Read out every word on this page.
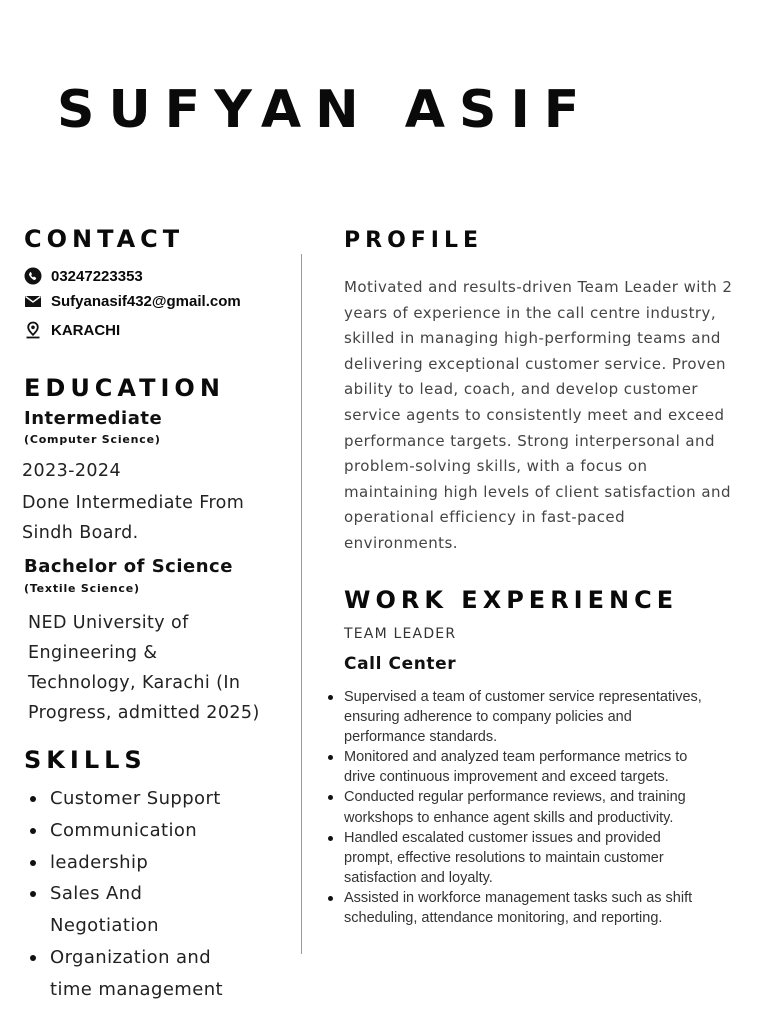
SUFYAN ASIF
CONTACT
03247223353
Sufyanasif432@gmail.com
KARACHI
EDUCATION

Intermediate

(Computer Science)

2023-2024

Done Intermediate From Sindh Board.

Bachelor of Science

(Textile Science)

NED University of Engineering & Technology, Karachi (In Progress, admitted 2025)

SKILLS
Customer Support
Communication
leadership
Sales And Negotiation
Organization and time management
PROFILE

Motivated and results-driven Team Leader with 2 years of experience in the call centre industry, skilled in managing high-performing teams and delivering exceptional customer service. Proven ability to lead, coach, and develop customer service agents to consistently meet and exceed performance targets. Strong interpersonal and problem-solving skills, with a focus on maintaining high levels of client satisfaction and operational efficiency in fast-paced environments.

WORK EXPERIENCE

TEAM LEADER

Call Center

Supervised a team of customer service representatives, ensuring adherence to company policies and performance standards.
Monitored and analyzed team performance metrics to drive continuous improvement and exceed targets.
Conducted regular performance reviews, and training workshops to enhance agent skills and productivity.
Handled escalated customer issues and provided prompt, effective resolutions to maintain customer satisfaction and loyalty.
Assisted in workforce management tasks such as shift scheduling, attendance monitoring, and reporting.
